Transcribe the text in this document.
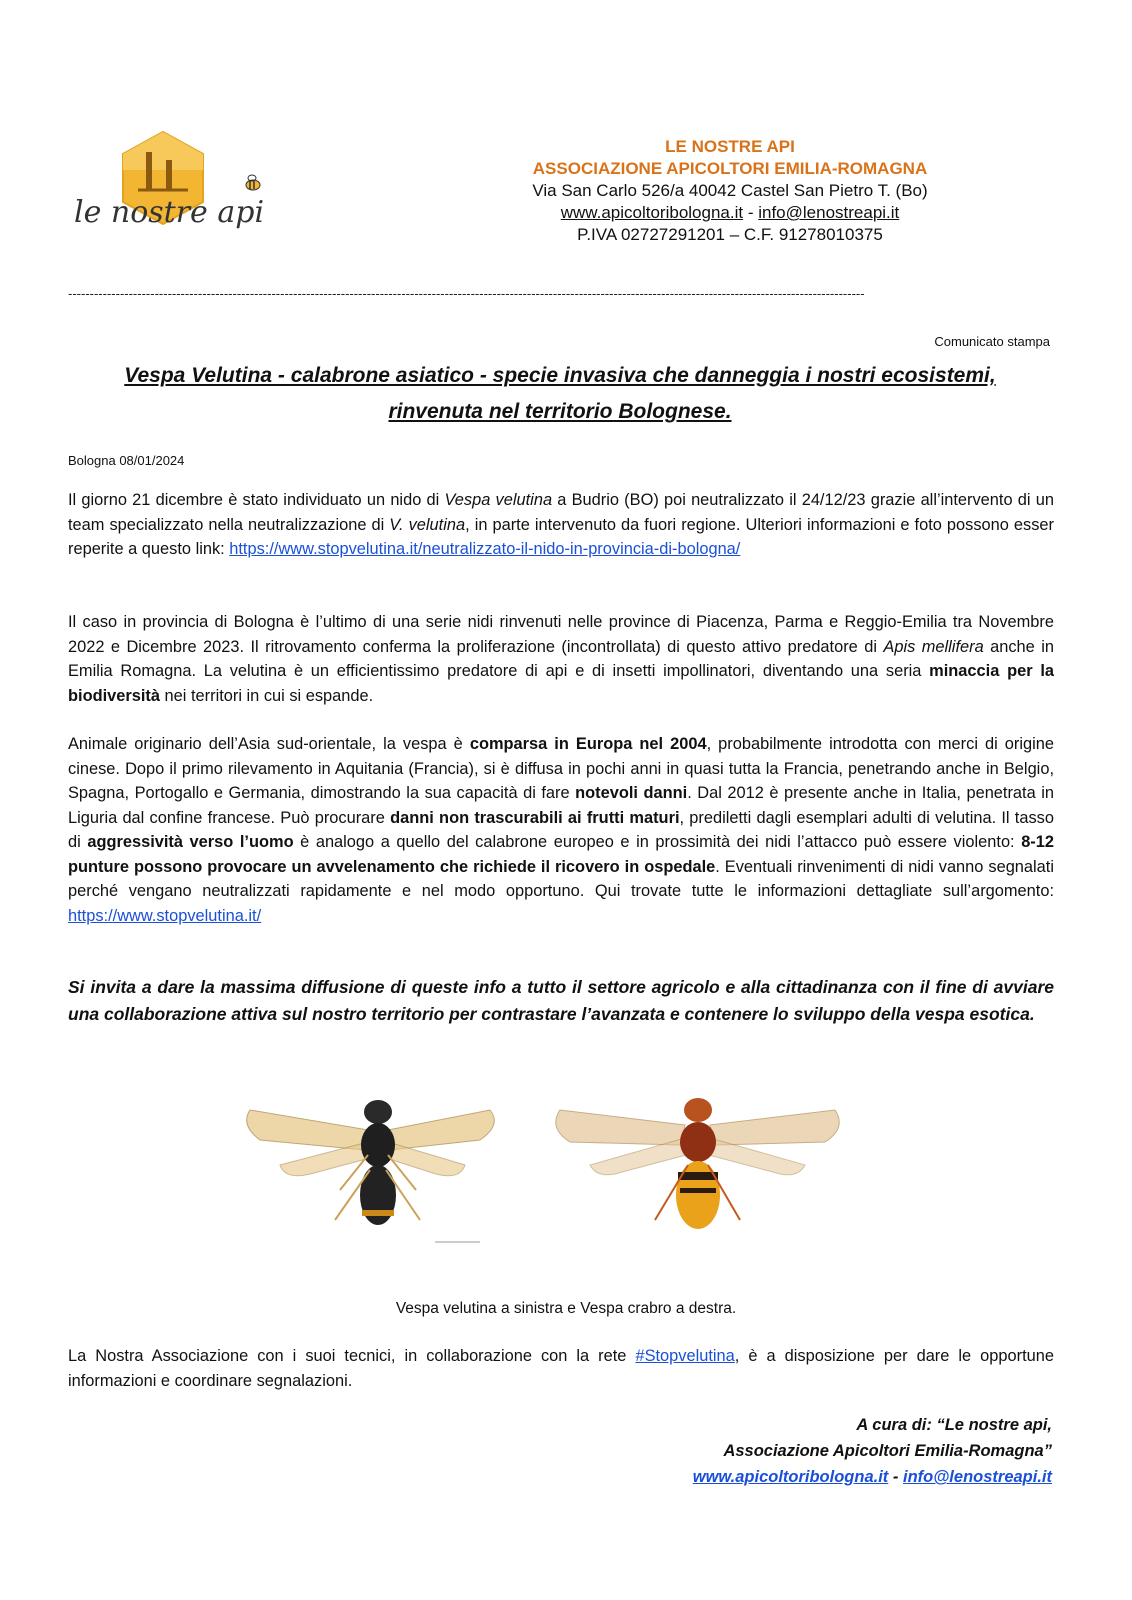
le nostre api
LE NOSTRE API
ASSOCIAZIONE APICOLTORI EMILIA-ROMAGNA
Via San Carlo 526/a 40042 Castel San Pietro T. (Bo)
www.apicoltoribologna.it - info@lenostreapi.it
P.IVA 02727291201 – C.F. 91278010375
----------------------------------------------------------------------------------------------------------------------------------------------------------------------------------------
Comunicato stampa
Vespa Velutina - calabrone asiatico - specie invasiva che danneggia i nostri ecosistemi,
rinvenuta nel territorio Bolognese.
Bologna 08/01/2024
Il giorno 21 dicembre è stato individuato un nido di Vespa velutina a Budrio (BO) poi neutralizzato il 24/12/23 grazie all’intervento di un team specializzato nella neutralizzazione di V. velutina, in parte intervenuto da fuori regione. Ulteriori informazioni e foto possono esser reperite a questo link: https://www.stopvelutina.it/neutralizzato-il-nido-in-provincia-di-bologna/
Il caso in provincia di Bologna è l’ultimo di una serie nidi rinvenuti nelle province di Piacenza, Parma e Reggio-Emilia tra Novembre 2022 e Dicembre 2023. Il ritrovamento conferma la proliferazione (incontrollata) di questo attivo predatore di Apis mellifera anche in Emilia Romagna. La velutina è un efficientissimo predatore di api e di insetti impollinatori, diventando una seria minaccia per la biodiversità nei territori in cui si espande.
Animale originario dell’Asia sud-orientale, la vespa è comparsa in Europa nel 2004, probabilmente introdotta con merci di origine cinese. Dopo il primo rilevamento in Aquitania (Francia), si è diffusa in pochi anni in quasi tutta la Francia, penetrando anche in Belgio, Spagna, Portogallo e Germania, dimostrando la sua capacità di fare notevoli danni. Dal 2012 è presente anche in Italia, penetrata in Liguria dal confine francese. Può procurare danni non trascurabili ai frutti maturi, prediletti dagli esemplari adulti di velutina. Il tasso di aggressività verso l’uomo è analogo a quello del calabrone europeo e in prossimità dei nidi l’attacco può essere violento: 8-12 punture possono provocare un avvelenamento che richiede il ricovero in ospedale. Eventuali rinvenimenti di nidi vanno segnalati perché vengano neutralizzati rapidamente e nel modo opportuno. Qui trovate tutte le informazioni dettagliate sull’argomento: https://www.stopvelutina.it/
Si invita a dare la massima diffusione di queste info a tutto il settore agricolo e alla cittadinanza con il fine di avviare una collaborazione attiva sul nostro territorio per contrastare l’avanzata e contenere lo sviluppo della vespa esotica.
Vespa velutina a sinistra e Vespa crabro a destra.
La Nostra Associazione con i suoi tecnici, in collaborazione con la rete #Stopvelutina, è a disposizione per dare le opportune informazioni e coordinare segnalazioni.
A cura di: “Le nostre api,
Associazione Apicoltori Emilia-Romagna”
www.apicoltoribologna.it - info@lenostreapi.it
